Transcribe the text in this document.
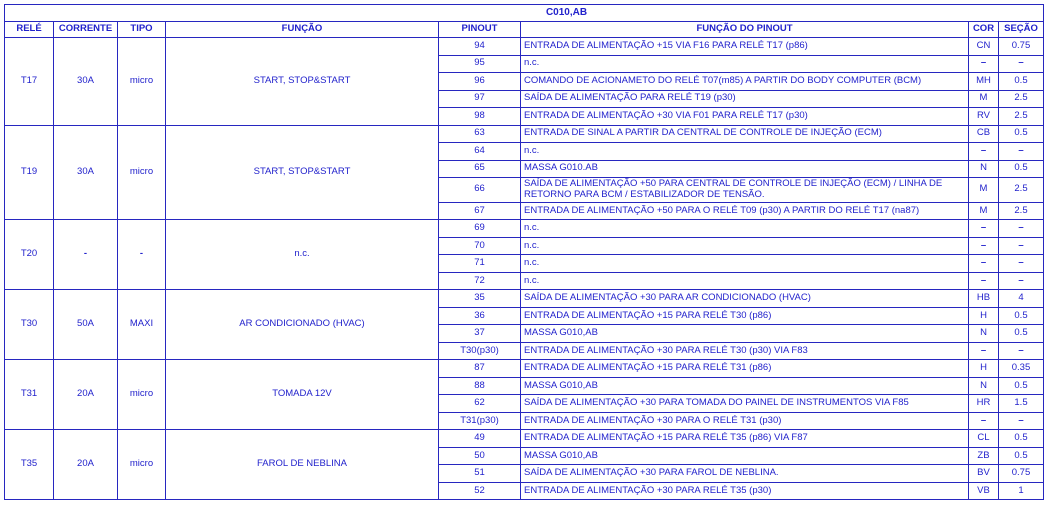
C010,AB							
RELÉ	CORRENTE	TIPO	FUNÇÃO	PINOUT	FUNÇÃO DO PINOUT	COR	SEÇÃO
T17	30A	micro	START, STOP&START	94	ENTRADA DE ALIMENTAÇÃO +15 VIA F16 PARA RELÉ T17 (p86)	CN	0.75
				95	n.c.	–	–
				96	COMANDO DE ACIONAMETO DO RELÉ T07(m85) A PARTIR DO BODY COMPUTER (BCM)	MH	0.5
				97	SAÍDA DE ALIMENTAÇÃO PARA RELÉ T19 (p30)	M	2.5
				98	ENTRADA DE ALIMENTAÇÃO +30 VIA F01 PARA RELÉ T17 (p30)	RV	2.5
T19	30A	micro	START, STOP&START	63	ENTRADA DE SINAL A PARTIR DA CENTRAL DE CONTROLE DE INJEÇÃO (ECM)	CB	0.5
				64	n.c.	–	–
				65	MASSA G010.AB	N	0.5
				66	SAÍDA DE ALIMENTAÇÃO +50 PARA CENTRAL DE CONTROLE DE INJEÇÃO (ECM) / LINHA DE RETORNO PARA BCM / ESTABILIZADOR DE TENSÃO.	M	2.5
				67	ENTRADA DE ALIMENTAÇÃO +50 PARA O RELÉ T09 (p30) A PARTIR DO RELÉ T17 (na87)	M	2.5
T20	-	-	n.c.	69	n.c.	–	–
				70	n.c.	–	–
				71	n.c.	–	–
				72	n.c.	–	–
T30	50A	MAXI	AR CONDICIONADO (HVAC)	35	SAÍDA DE ALIMENTAÇÃO +30 PARA AR CONDICIONADO (HVAC)	HB	4
				36	ENTRADA DE ALIMENTAÇÃO +15 PARA RELÉ T30 (p86)	H	0.5
				37	MASSA G010,AB	N	0.5
				T30(p30)	ENTRADA DE ALIMENTAÇÃO +30 PARA RELÉ T30 (p30) VIA F83	–	–
T31	20A	micro	TOMADA 12V	87	ENTRADA DE ALIMENTAÇÃO +15 PARA RELÉ T31 (p86)	H	0.35
				88	MASSA G010,AB	N	0.5
				62	SAÍDA DE ALIMENTAÇÃO +30 PARA TOMADA DO PAINEL DE INSTRUMENTOS VIA F85	HR	1.5
				T31(p30)	ENTRADA DE ALIMENTAÇÃO +30 PARA O RELÉ T31 (p30)	–	–
T35	20A	micro	FAROL DE NEBLINA	49	ENTRADA DE ALIMENTAÇÃO +15 PARA RELÉ T35 (p86) VIA F87	CL	0.5
				50	MASSA G010,AB	ZB	0.5
				51	SAÍDA DE ALIMENTAÇÃO +30 PARA FAROL DE NEBLINA.	BV	0.75
				52	ENTRADA DE ALIMENTAÇÃO +30 PARA RELÉ T35 (p30)	VB	1
